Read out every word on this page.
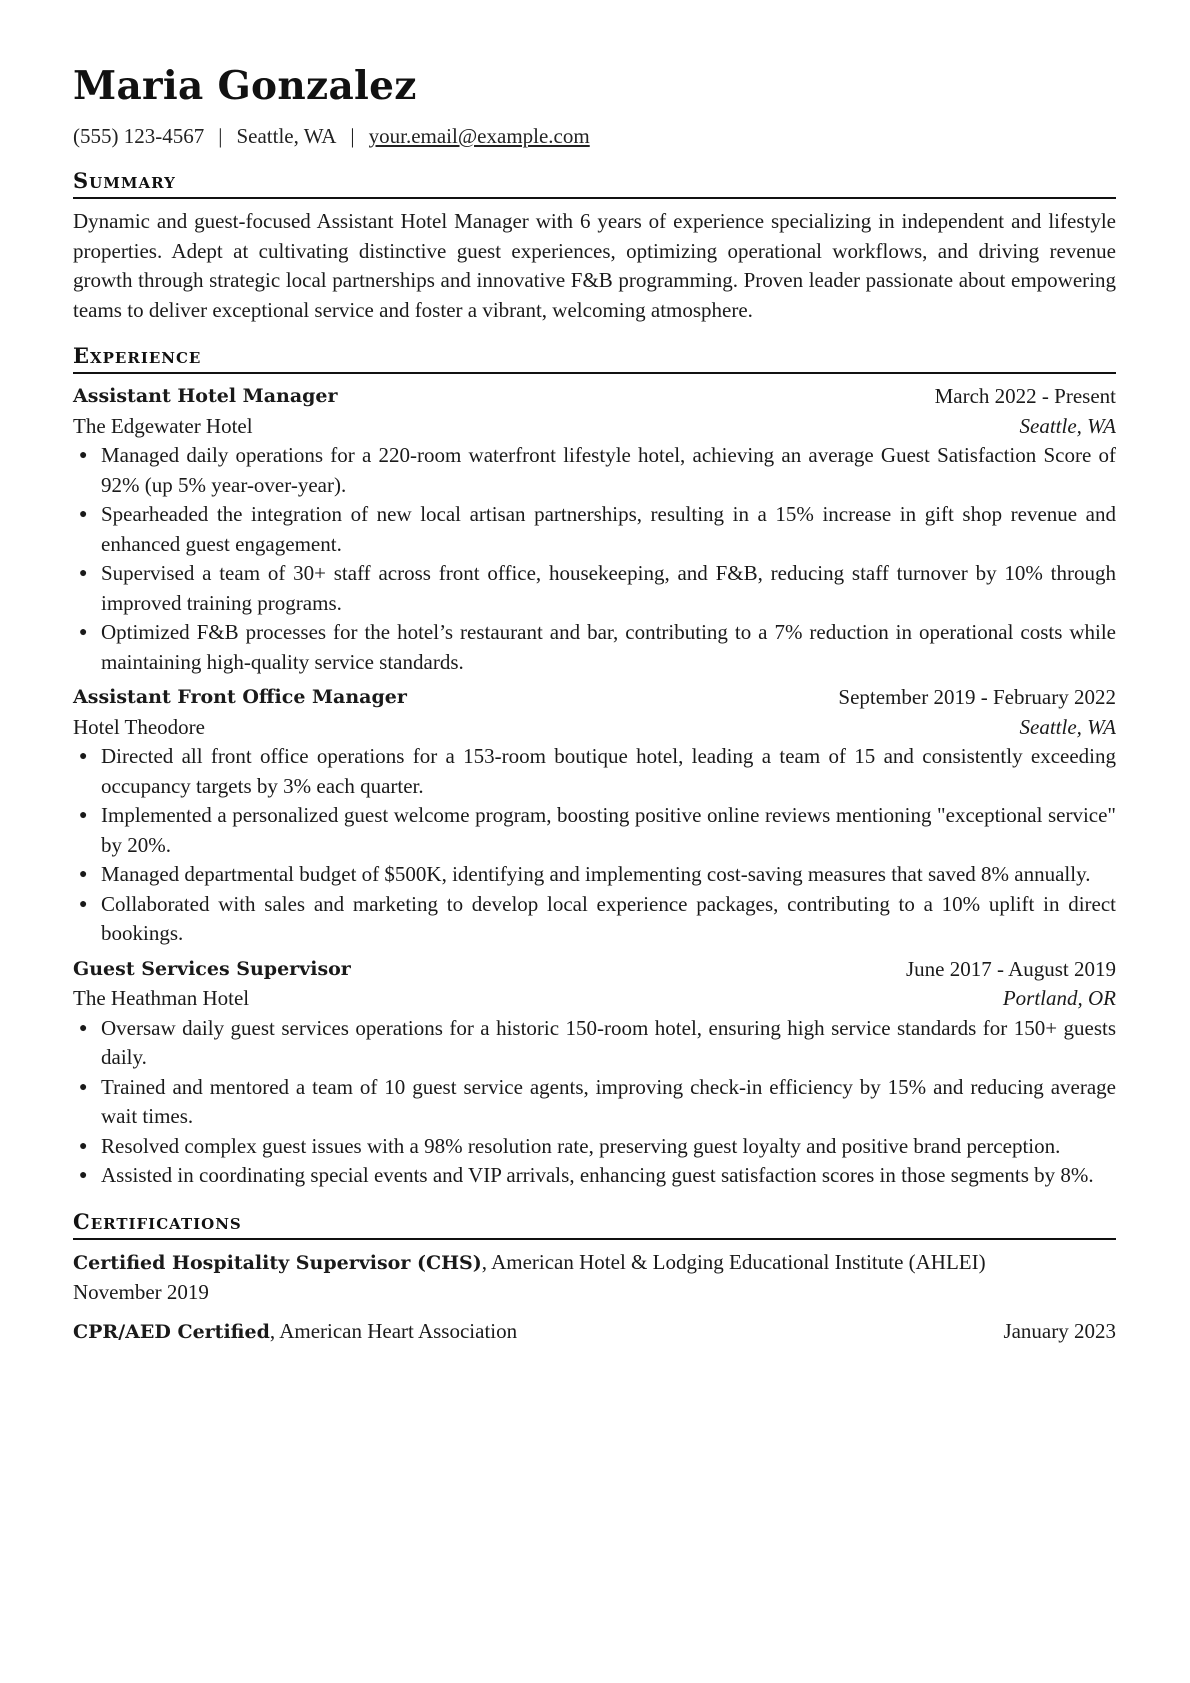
Maria Gonzalez
(555) 123-4567 | Seattle, WA | your.email@example.com
Summary
Dynamic and guest-focused Assistant Hotel Manager with 6 years of experience specializing in independent and lifestyle properties. Adept at cultivating distinctive guest experiences, optimizing operational workflows, and driving revenue growth through strategic local partnerships and innovative F&B programming. Proven leader passionate about empowering teams to deliver exceptional service and foster a vibrant, welcoming atmosphere.
Experience
Assistant Hotel Manager	March 2022 - Present
The Edgewater Hotel	Seattle, WA
● Managed daily operations for a 220-room waterfront lifestyle hotel, achieving an average Guest Satisfaction Score of 92% (up 5% year-over-year).
● Spearheaded the integration of new local artisan partnerships, resulting in a 15% increase in gift shop revenue and enhanced guest engagement.
● Supervised a team of 30+ staff across front office, housekeeping, and F&B, reducing staff turnover by 10% through improved training programs.
● Optimized F&B processes for the hotel’s restaurant and bar, contributing to a 7% reduction in operational costs while maintaining high-quality service standards.
Assistant Front Office Manager	September 2019 - February 2022
Hotel Theodore	Seattle, WA
● Directed all front office operations for a 153-room boutique hotel, leading a team of 15 and consistently exceeding occupancy targets by 3% each quarter.
● Implemented a personalized guest welcome program, boosting positive online reviews mentioning "exceptional service" by 20%.
● Managed departmental budget of $500K, identifying and implementing cost-saving measures that saved 8% annually.
● Collaborated with sales and marketing to develop local experience packages, contributing to a 10% uplift in direct bookings.
Guest Services Supervisor	June 2017 - August 2019
The Heathman Hotel	Portland, OR
● Oversaw daily guest services operations for a historic 150-room hotel, ensuring high service standards for 150+ guests daily.
● Trained and mentored a team of 10 guest service agents, improving check-in efficiency by 15% and reducing average wait times.
● Resolved complex guest issues with a 98% resolution rate, preserving guest loyalty and positive brand perception.
● Assisted in coordinating special events and VIP arrivals, enhancing guest satisfaction scores in those segments by 8%.
Certifications
Certified Hospitality Supervisor (CHS), American Hotel & Lodging Educational Institute (AHLEI)
November 2019
CPR/AED Certified, American Heart Association	January 2023
